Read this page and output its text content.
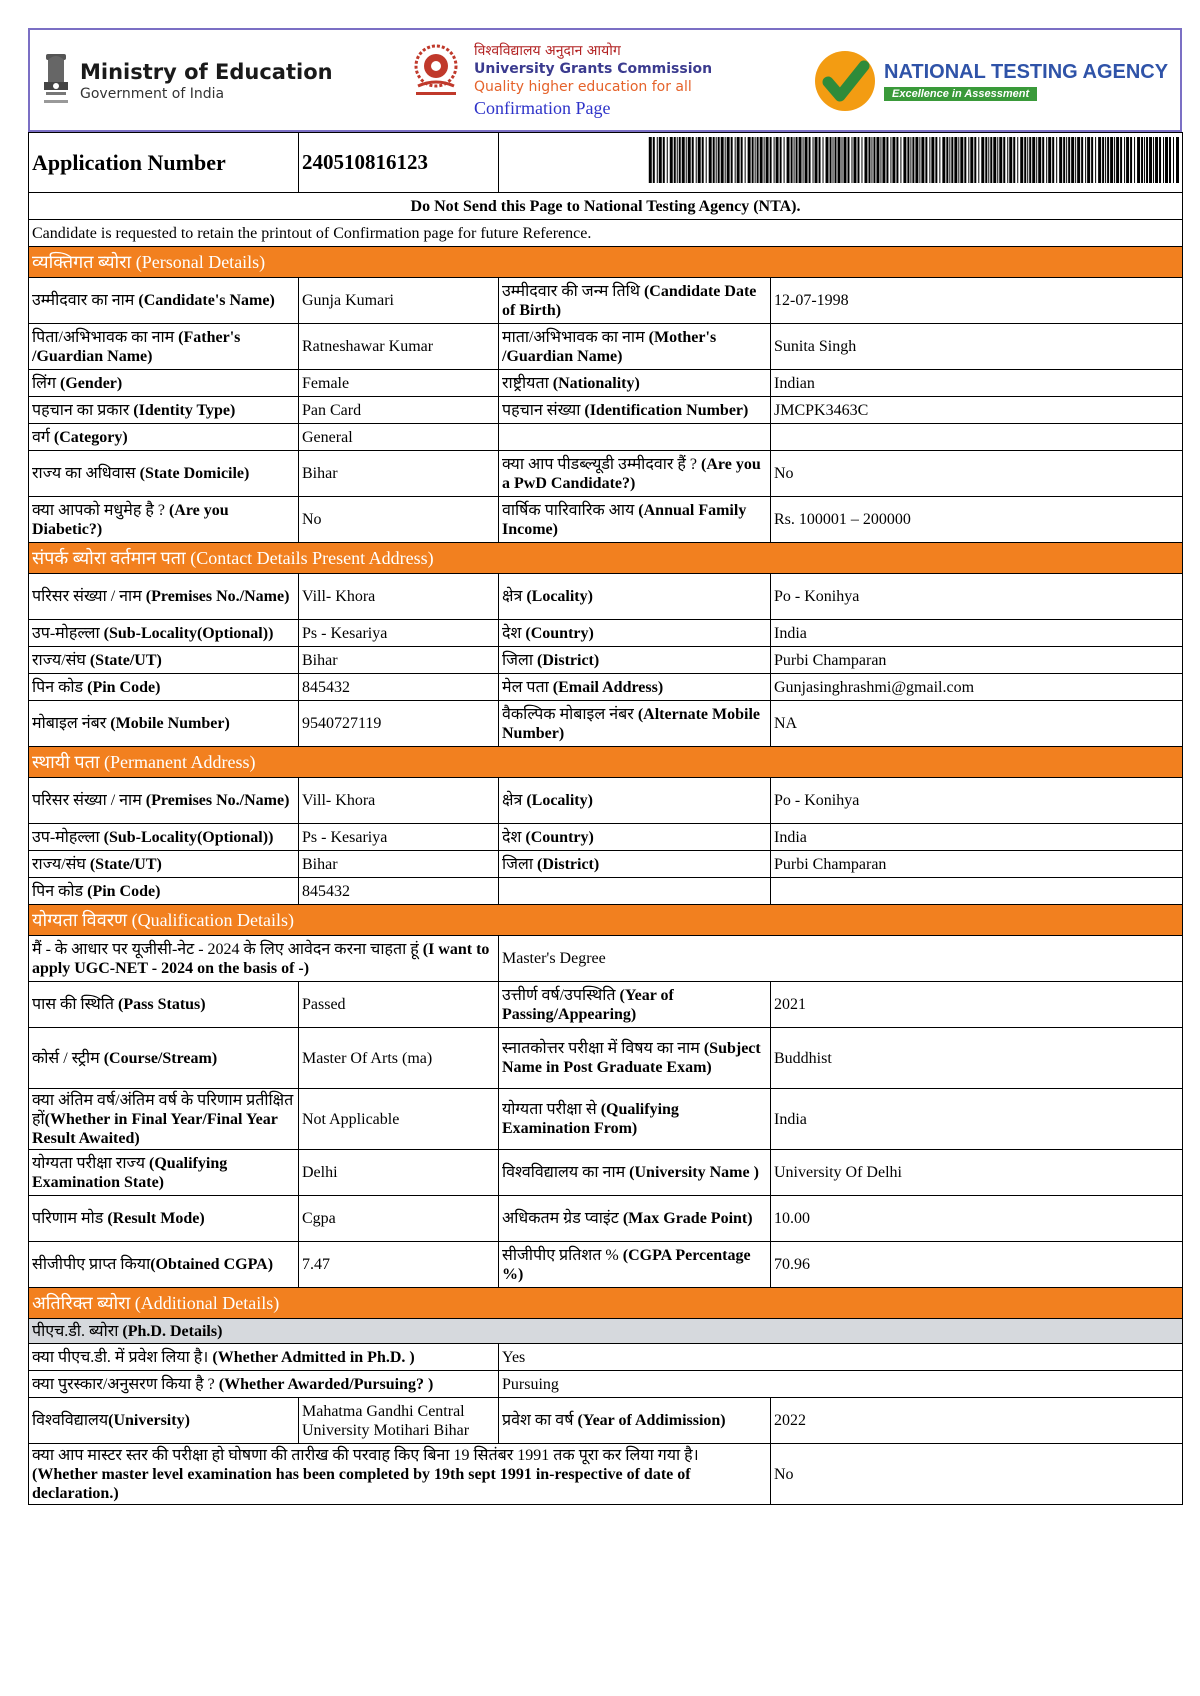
Ministry of Education
Government of India
विश्वविद्यालय अनुदान आयोग
University Grants Commission
Quality higher education for all
Confirmation Page
NATIONAL TESTING AGENCY
Excellence in Assessment
Application Number	240510816123	
Do Not Send this Page to National Testing Agency (NTA).			
Candidate is requested to retain the printout of Confirmation page for future Reference.			
व्यक्तिगत ब्योरा (Personal Details)			
उम्मीदवार का नाम (Candidate's Name)	Gunja Kumari	उम्मीदवार की जन्म तिथि (Candidate Date of Birth)	12-07-1998
पिता/अभिभावक का नाम (Father's /Guardian Name)	Ratneshawar Kumar	माता/अभिभावक का नाम (Mother's /Guardian Name)	Sunita Singh
लिंग (Gender)	Female	राष्ट्रीयता (Nationality)	Indian
पहचान का प्रकार (Identity Type)	Pan Card	पहचान संख्या (Identification Number)	JMCPK3463C
वर्ग (Category)	General		
राज्य का अधिवास (State Domicile)	Bihar	क्या आप पीडब्ल्यूडी उम्मीदवार हैं ? (Are you a PwD Candidate?)	No
क्या आपको मधुमेह है ? (Are you Diabetic?)	No	वार्षिक पारिवारिक आय (Annual Family Income)	Rs. 100001 – 200000
संपर्क ब्योरा वर्तमान पता (Contact Details Present Address)			
परिसर संख्या / नाम (Premises No./Name)	Vill- Khora	क्षेत्र (Locality)	Po - Konihya
उप-मोहल्ला (Sub-Locality(Optional))	Ps - Kesariya	देश (Country)	India
राज्य/संघ (State/UT)	Bihar	जिला (District)	Purbi Champaran
पिन कोड (Pin Code)	845432	मेल पता (Email Address)	Gunjasinghrashmi@gmail.com
मोबाइल नंबर (Mobile Number)	9540727119	वैकल्पिक मोबाइल नंबर (Alternate Mobile Number)	NA
स्थायी पता (Permanent Address)			
परिसर संख्या / नाम (Premises No./Name)	Vill- Khora	क्षेत्र (Locality)	Po - Konihya
उप-मोहल्ला (Sub-Locality(Optional))	Ps - Kesariya	देश (Country)	India
राज्य/संघ (State/UT)	Bihar	जिला (District)	Purbi Champaran
पिन कोड (Pin Code)	845432		
योग्यता विवरण (Qualification Details)			
मैं - के आधार पर यूजीसी-नेट - 2024 के लिए आवेदन करना चाहता हूं (I want to apply UGC-NET - 2024 on the basis of -)		Master's Degree	
पास की स्थिति (Pass Status)	Passed	उत्तीर्ण वर्ष/उपस्थिति (Year of Passing/Appearing)	2021
कोर्स / स्ट्रीम (Course/Stream)	Master Of Arts (ma)	स्नातकोत्तर परीक्षा में विषय का नाम (Subject Name in Post Graduate Exam)	Buddhist
क्या अंतिम वर्ष/अंतिम वर्ष के परिणाम प्रतीक्षित हों(Whether in Final Year/Final Year Result Awaited)	Not Applicable	योग्यता परीक्षा से (Qualifying Examination From)	India
योग्यता परीक्षा राज्य (Qualifying Examination State)	Delhi	विश्वविद्यालय का नाम (University Name )	University Of Delhi
परिणाम मोड (Result Mode)	Cgpa	अधिकतम ग्रेड प्वाइंट (Max Grade Point)	10.00
सीजीपीए प्राप्त किया(Obtained CGPA)	7.47	सीजीपीए प्रतिशत % (CGPA Percentage %)	70.96
अतिरिक्त ब्योरा (Additional Details)			
पीएच.डी. ब्योरा (Ph.D. Details)			
क्या पीएच.डी. में प्रवेश लिया है। (Whether Admitted in Ph.D. )		Yes	
क्या पुरस्कार/अनुसरण किया है ? (Whether Awarded/Pursuing? )		Pursuing	
विश्वविद्यालय(University)	Mahatma Gandhi Central University Motihari Bihar	प्रवेश का वर्ष (Year of Addimission)	2022
क्या आप मास्टर स्तर की परीक्षा हो घोषणा की तारीख की परवाह किए बिना 19 सितंबर 1991 तक पूरा कर लिया गया है। (Whether master level examination has been completed by 19th sept 1991 in-respective of date of declaration.)			No
